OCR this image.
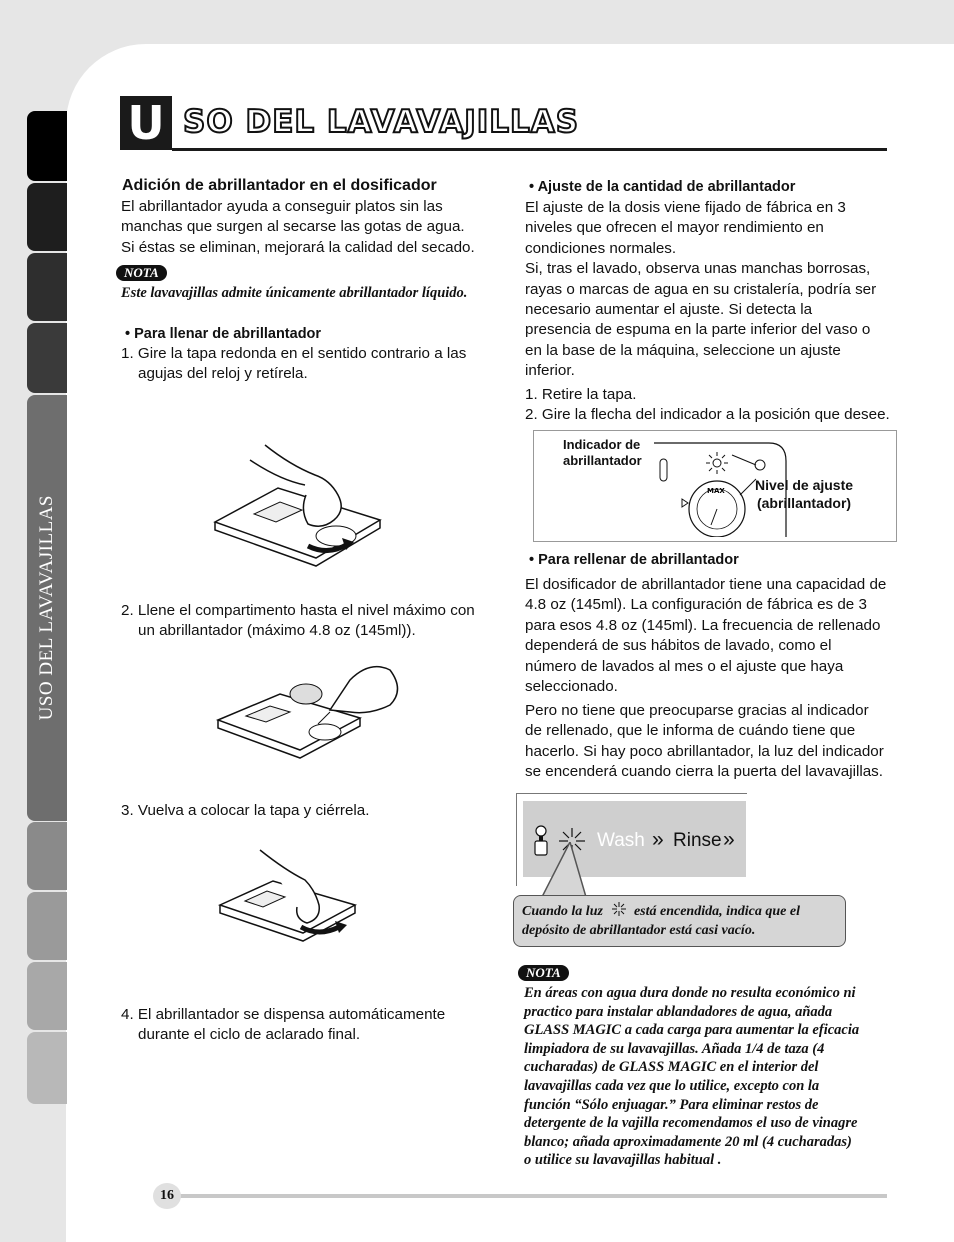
USO DEL LAVAVAJILLAS
U SO DEL LAVAVAJILLAS
Adición de abrillantador en el dosificador
El abrillantador ayuda a conseguir platos sin las
manchas que surgen al secarse las gotas de agua.
Si éstas se eliminan, mejorará la calidad del secado.
NOTA
Este lavavajillas admite únicamente abrillantador líquido.
• Para llenar de abrillantador
1. Gire la tapa redonda en el sentido contrario a las
agujas del reloj y retírela.
2. Llene el compartimento hasta el nivel máximo con
un abrillantador (máximo 4.8 oz (145ml)).
3. Vuelva a colocar la tapa y ciérrela.
4. El abrillantador se dispensa automáticamente
durante el ciclo de aclarado final.
• Ajuste de la cantidad de abrillantador
El ajuste de la dosis viene fijado de fábrica en 3
niveles que ofrecen el mayor rendimiento en
condiciones normales.
Si, tras el lavado, observa unas manchas borrosas,
rayas o marcas de agua en su cristalería, podría ser
necesario aumentar el ajuste. Si detecta la
presencia de espuma en la parte inferior del vaso o
en la base de la máquina, seleccione un ajuste
inferior.
1. Retire la tapa.
2. Gire la flecha del indicador a la posición que desee.
Indicador de
abrillantador
MAX Nivel de ajuste
(abrillantador)
• Para rellenar de abrillantador
El dosificador de abrillantador tiene una capacidad de
4.8 oz (145ml). La configuración de fábrica es de 3
para esos 4.8 oz (145ml). La frecuencia de rellenado
dependerá de sus hábitos de lavado, como el
número de lavados al mes o el ajuste que haya
seleccionado.
Pero no tiene que preocuparse gracias al indicador
de rellenado, que le informa de cuándo tiene que
hacerlo. Si hay poco abrillantador, la luz del indicador
se encenderá cuando cierra la puerta del lavavajillas.
Wash » Rinse »
Cuando la luz está encendida, indica que el
depósito de abrillantador está casi vacío.
NOTA
En áreas con agua dura donde no resulta económico ni
practico para instalar ablandadores de agua, añada
GLASS MAGIC a cada carga para aumentar la eficacia
limpiadora de su lavavajillas. Añada 1/4 de taza (4
cucharadas) de GLASS MAGIC en el interior del
lavavajillas cada vez que lo utilice, excepto con la
función “Sólo enjuagar.” Para eliminar restos de
detergente de la vajilla recomendamos el uso de vinagre
blanco; añada aproximadamente 20 ml (4 cucharadas)
o utilice su lavavajillas habitual .
16
